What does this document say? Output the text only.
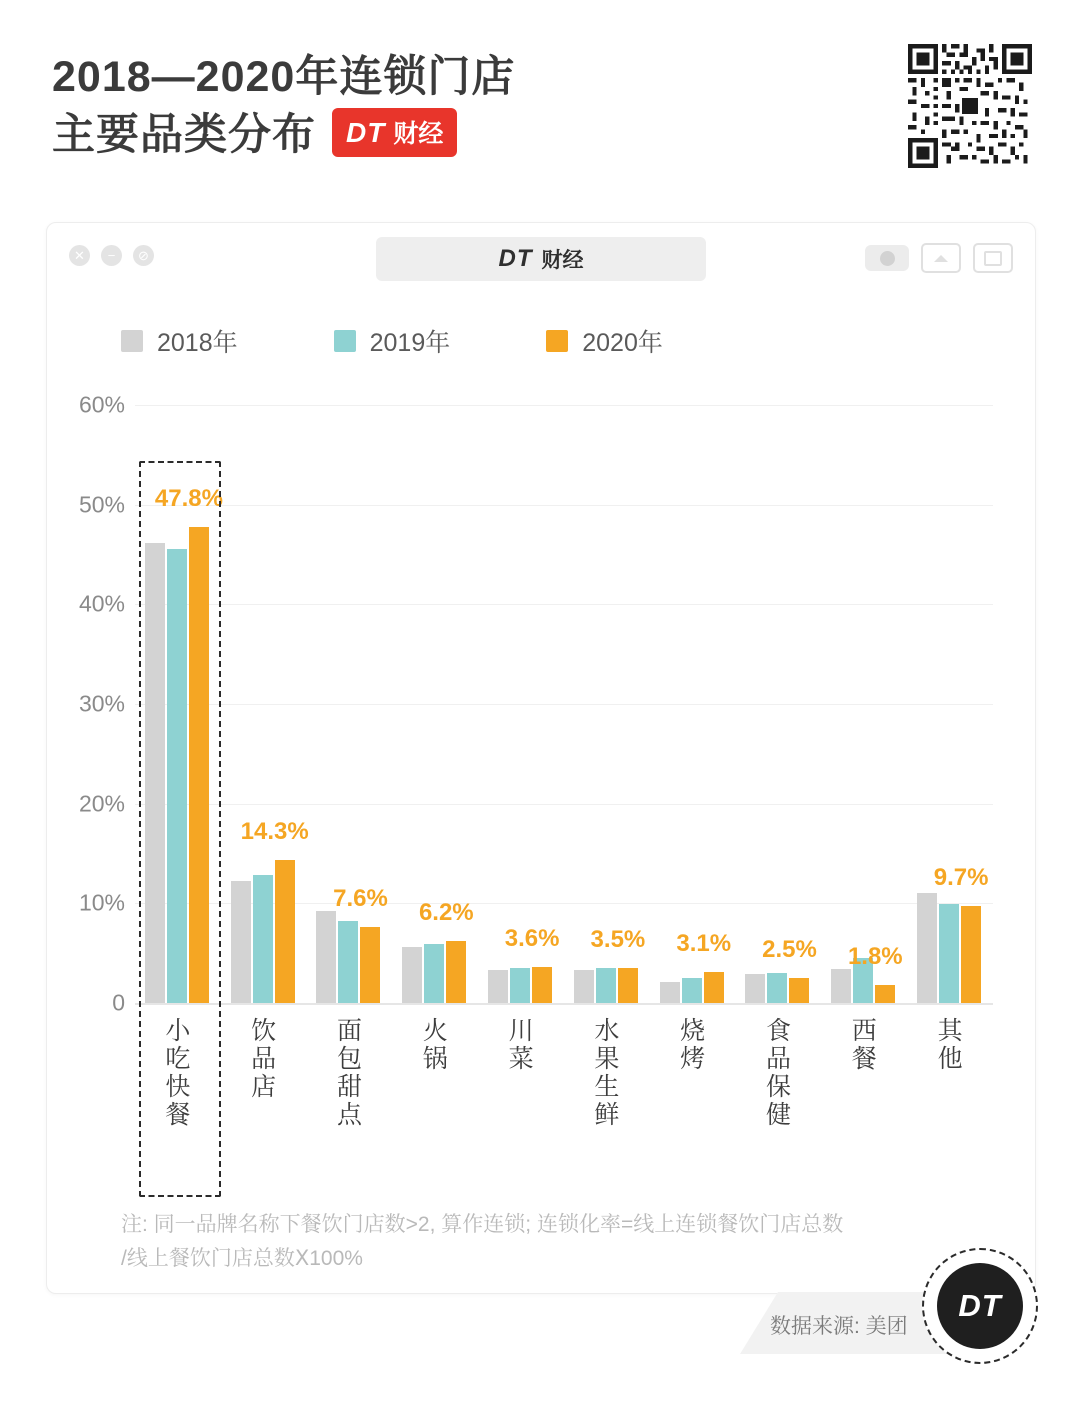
2018—2020年连锁门店
主要品类分布 DT 财经
✕	−	⊘	DT 财经
2018年	2019年	2020年
0
10%
20%
30%
40%
50%
60%
47.8%
小吃快餐
14.3%
饮品店
7.6%
面包甜点
6.2%
火锅
3.6%
川菜
3.5%
水果生鲜
3.1%
烧烤
2.5%
食品保健
1.8%
西餐
9.7%
其他
注: 同一品牌名称下餐饮门店数>2, 算作连锁; 连锁化率=线上连锁餐饮门店总数
/线上餐饮门店总数Ⅹ100%
数据来源: 美团
DT
